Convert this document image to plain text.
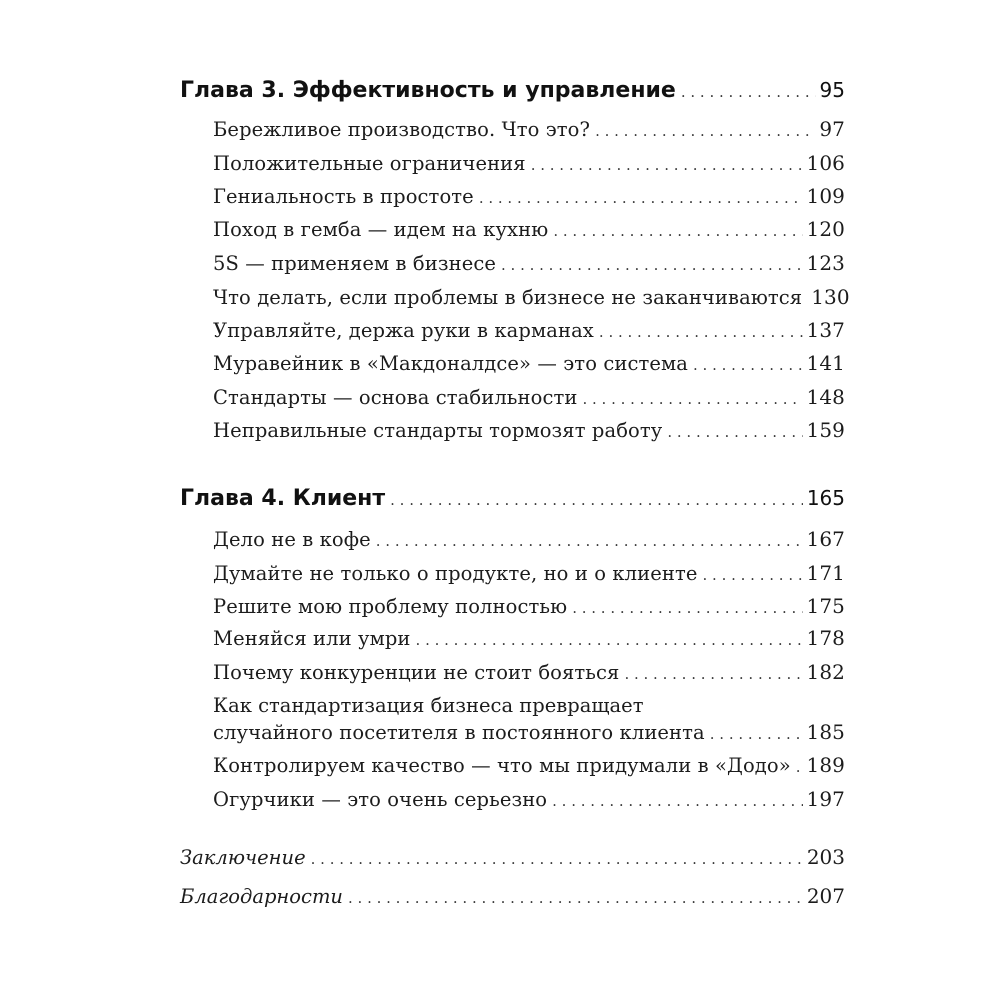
Глава 3. Эффективность и управление . . .	95
Бережливое производство. Что это? . . .	97
Положительные ограничения . . .	106
Гениальность в простоте . . .	109
Поход в гемба — идем на кухню . . .	120
5S — применяем в бизнесе . . .	123
Что делать, если проблемы в бизнесе не заканчиваются 130
Управляйте, держа руки в карманах . . .	137
Муравейник в «Макдоналдсе» — это система . . .	141
Стандарты — основа стабильности . . .	148
Неправильные стандарты тормозят работу . . .	159
Глава 4. Клиент . . .	165
Дело не в кофе . . .	167
Думайте не только о продукте, но и о клиенте . . .	171
Решите мою проблему полностью . . .	175
Меняйся или умри . . .	178
Почему конкуренции не стоит бояться . . .	182
Как стандартизация бизнеса превращает
случайного посетителя в постоянного клиента . . .	185
Контролируем качество — что мы придумали в «Додо» . . . 189
Огурчики — это очень серьезно . . .	197
Заключение . . .	203
Благодарности . . .	207
